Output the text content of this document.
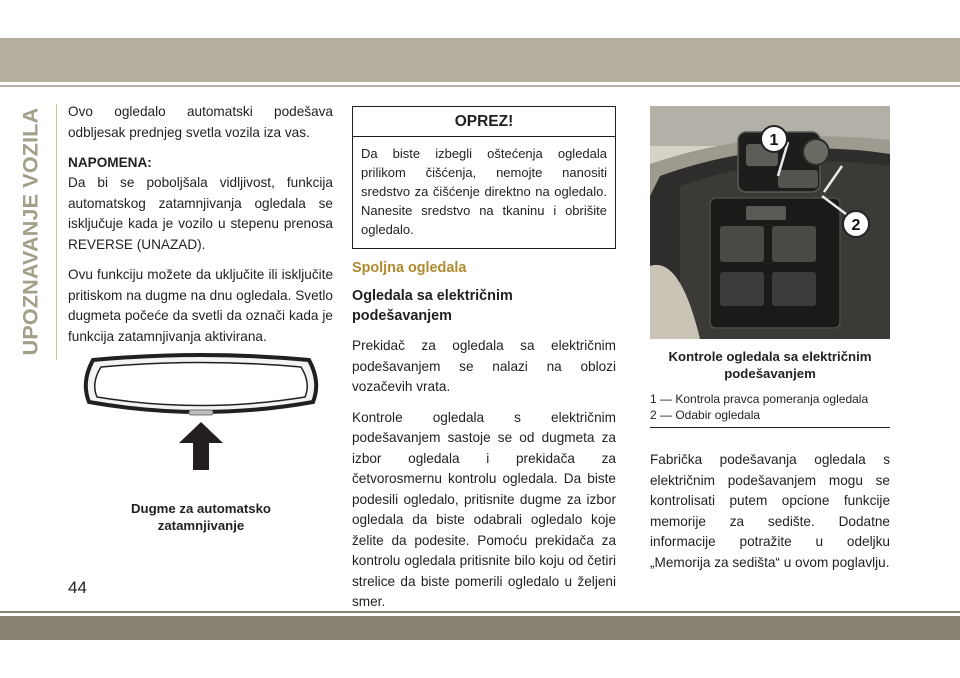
UPOZNAVANJE VOZILA Ovo ogledalo automatski podešava odbljesak prednjeg svetla vozila iza vas.

NAPOMENA:

Da bi se poboljšala vidljivost, funkcija automatskog zatamnjivanja ogledala se isključuje kada je vozilo u stepenu prenosa REVERSE (UNAZAD).

Ovu funkciju možete da uključite ili isključite pritiskom na dugme na dnu ogledala. Svetlo dugmeta počeće da svetli da označi kada je funkcija zatamnjivanja aktivirana.

Dugme za automatsko zatamnjivanje
OPREZ!
Da biste izbegli oštećenja ogledala prilikom čišćenja, nemojte nanositi sredstvo za čišćenje direktno na ogledalo. Nanesite sredstvo na tkaninu i obrišite ogledalo.
Spoljna ogledala
Ogledala sa električnim podešavanjem

Prekidač za ogledala sa električnim podešavanjem se nalazi na oblozi vozačevih vrata.

Kontrole ogledala s električnim podešavanjem sastoje se od dugmeta za izbor ogledala i prekidača za četvorosmernu kontrolu ogledala. Da biste podesili ogledalo, pritisnite dugme za izbor ogledala da biste odabrali ogledalo koje želite da podesite. Pomoću prekidača za kontrolu ogledala pritisnite bilo koju od četiri strelice da biste pomerili ogledalo u željeni smer.

1
2
Kontrole ogledala sa električnim podešavanjem
1 — Kontrola pravca pomeranja ogledala
2 — Odabir ogledala

Fabrička podešavanja ogledala s električnim podešavanjem mogu se kontrolisati putem opcione funkcije memorije za sedište. Dodatne informacije potražite u odeljku „Memorija za sedišta“ u ovom poglavlju.

44
